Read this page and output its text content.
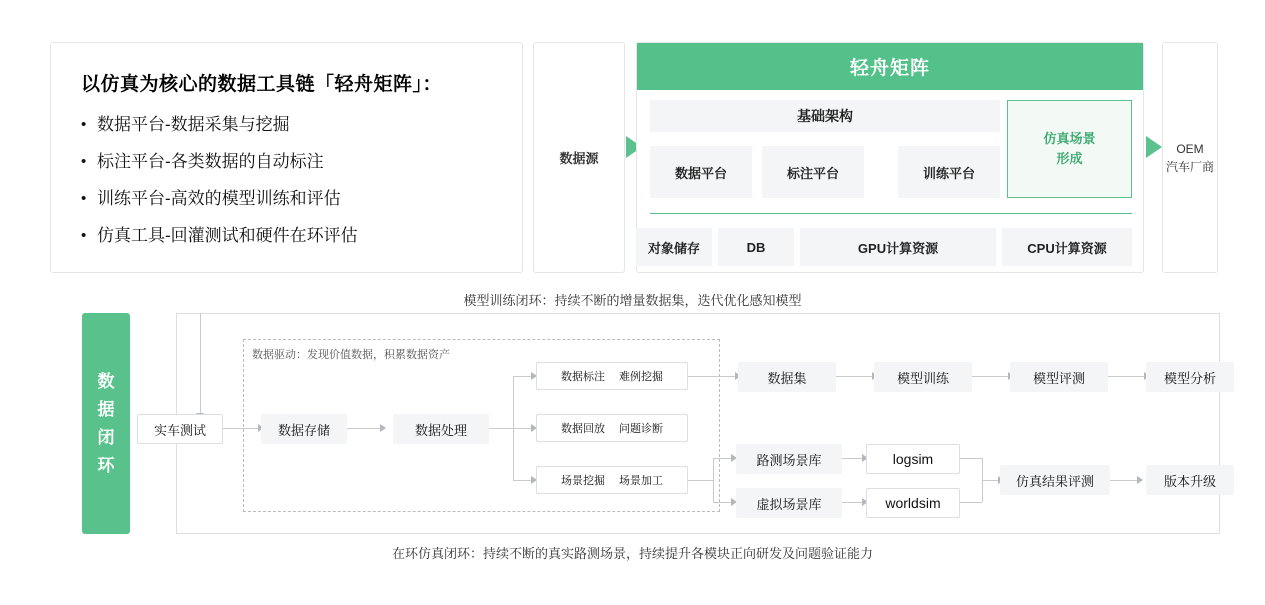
以仿真为核心的数据工具链「轻舟矩阵」：
• 数据平台-数据采集与挖掘
• 标注平台-各类数据的自动标注
• 训练平台-高效的模型训练和评估
• 仿真工具-回灌测试和硬件在环评估
数据源
轻舟矩阵
基础架构
数据平台	标注平台	训练平台
仿真场景
形成
对象储存	DB	GPU计算资源	CPU计算资源
OEM
汽车厂商
模型训练闭环：持续不断的增量数据集，迭代优化感知模型
在环仿真闭环：持续不断的真实路测场景，持续提升各模块正向研发及问题验证能力
数
据
闭
环
数据驱动：发现价值数据，积累数据资产
实车测试	数据存储	数据处理
数据标注 难例挖掘
数据回放 问题诊断
场景挖掘 场景加工
数据集	模型训练	模型评测	模型分析
路测场景库
虚拟场景库
logsim
worldsim
仿真结果评测	版本升级
